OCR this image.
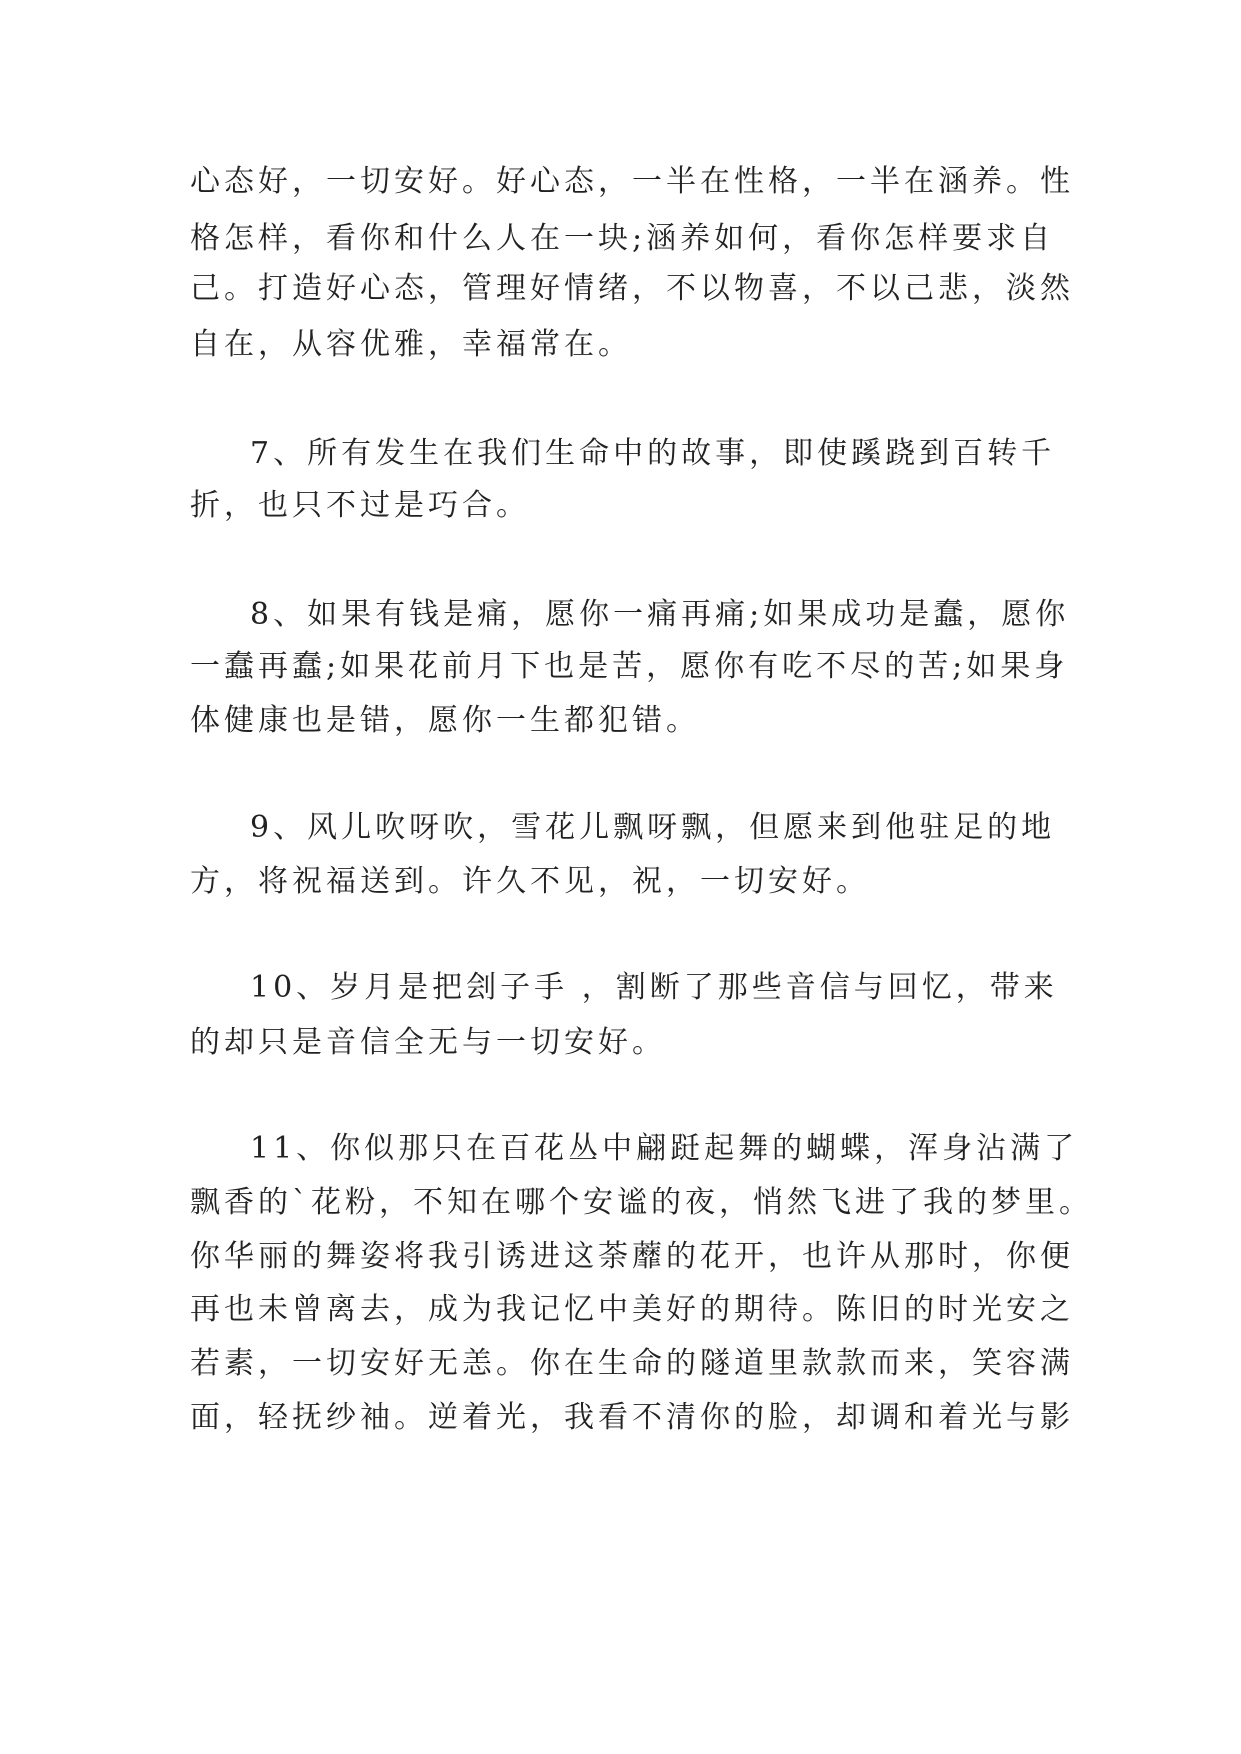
心态好，一切安好。好心态，一半在性格，一半在涵养。性
格怎样，看你和什么人在一块;涵养如何，看你怎样要求自
己。打造好心态，管理好情绪，不以物喜，不以己悲，淡然
自在，从容优雅，幸福常在。
7、所有发生在我们生命中的故事，即使蹊跷到百转千
折，也只不过是巧合。
8、如果有钱是痛，愿你一痛再痛;如果成功是蠢，愿你
一蠢再蠢;如果花前月下也是苦，愿你有吃不尽的苦;如果身
体健康也是错，愿你一生都犯错。
9、风儿吹呀吹，雪花儿飘呀飘，但愿来到他驻足的地
方，将祝福送到。许久不见，祝，一切安好。
10、岁月是把刽子手 ，割断了那些音信与回忆，带来
的却只是音信全无与一切安好。
11、你似那只在百花丛中翩跹起舞的蝴蝶，浑身沾满了
飘香的`花粉，不知在哪个安谧的夜，悄然飞进了我的梦里。
你华丽的舞姿将我引诱进这荼蘼的花开，也许从那时，你便
再也未曾离去，成为我记忆中美好的期待。陈旧的时光安之
若素，一切安好无恙。你在生命的隧道里款款而来，笑容满
面，轻抚纱袖。逆着光，我看不清你的脸，却调和着光与影
